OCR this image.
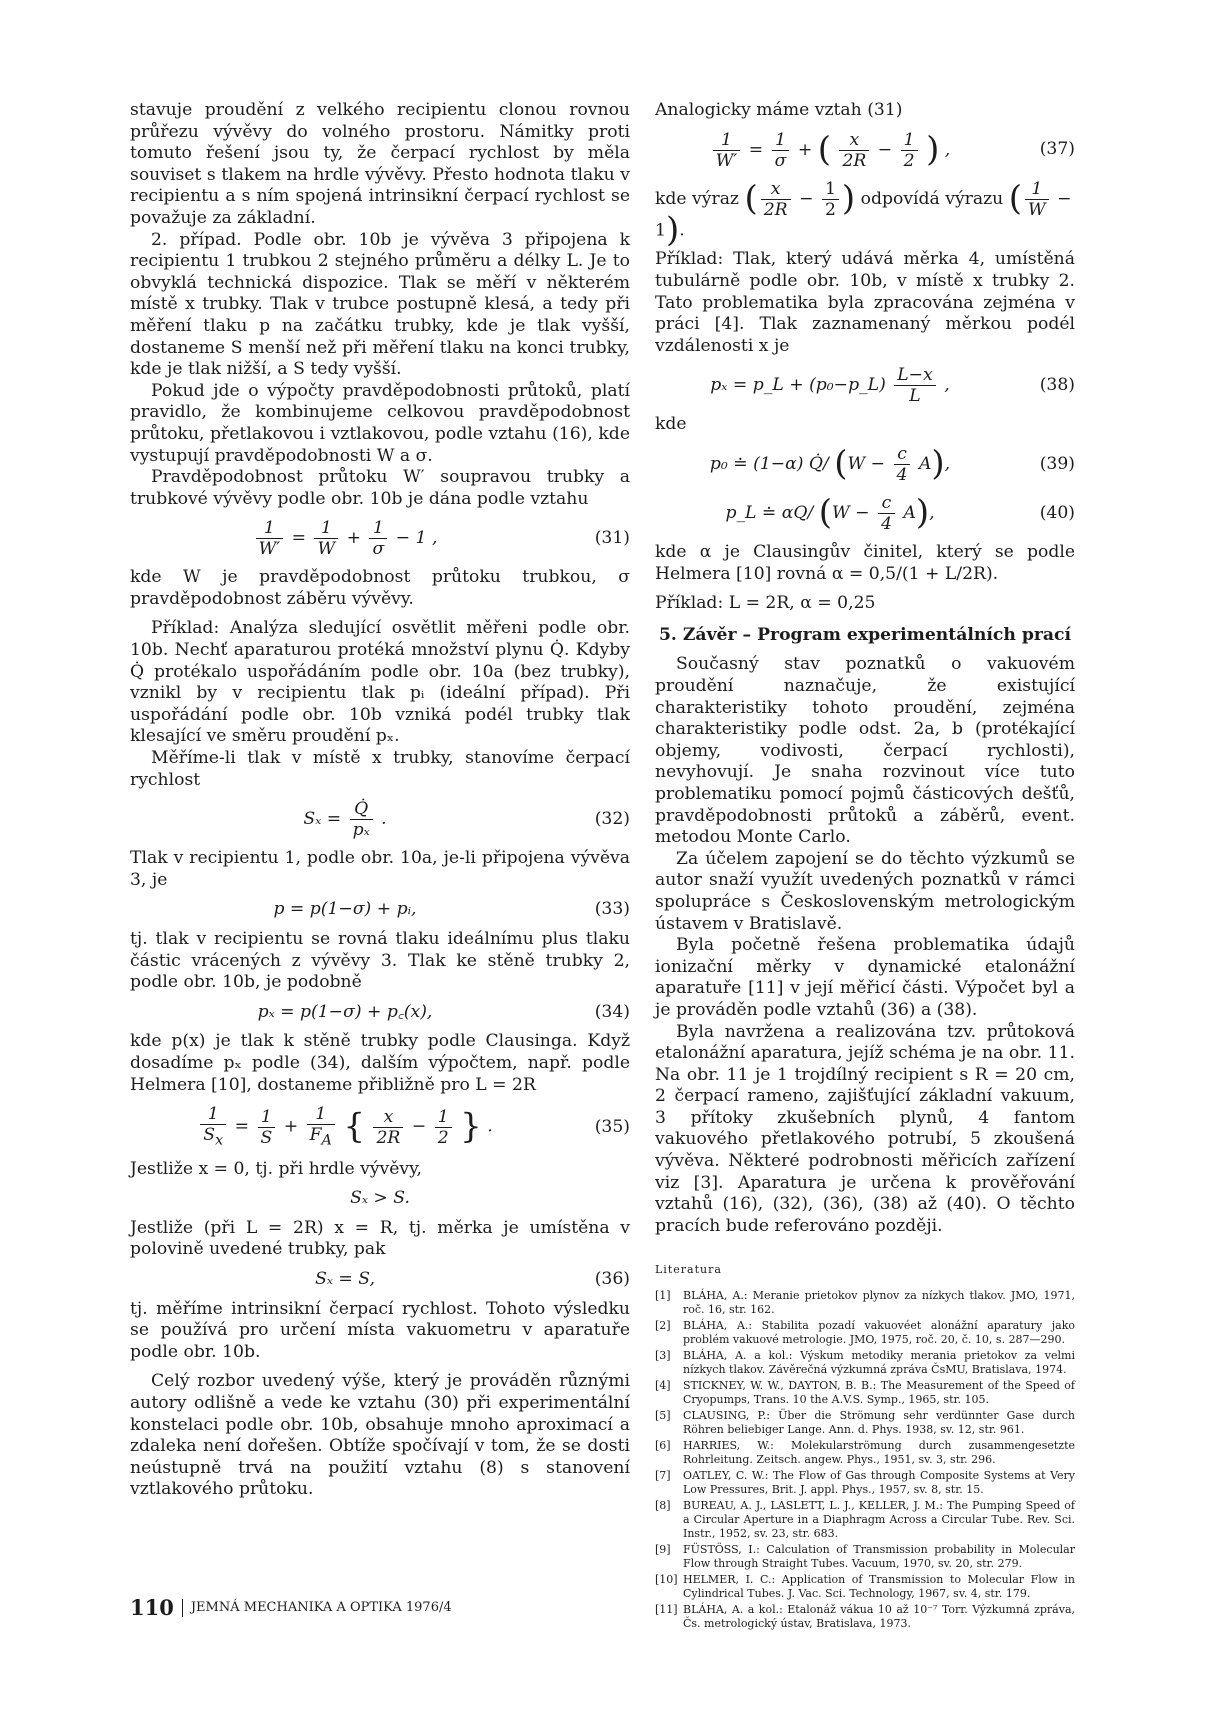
stavuje proudění z velkého recipientu clonou rovnou průřezu vývěvy do volného prostoru. Námitky proti tomuto řešení jsou ty, že čerpací rychlost by měla souviset s tlakem na hrdle vývěvy. Přesto hodnota tlaku v recipientu a s ním spojená intrinsikní čerpací rychlost se považuje za základní.

2. případ. Podle obr. 10b je vývěva 3 připojena k recipientu 1 trubkou 2 stejného průměru a délky L. Je to obvyklá technická dispozice. Tlak se měří v některém místě x trubky. Tlak v trubce postupně klesá, a tedy při měření tlaku p na začátku trubky, kde je tlak vyšší, dostaneme S menší než při měření tlaku na konci trubky, kde je tlak nižší, a S tedy vyšší.

Pokud jde o výpočty pravděpodobnosti průtoků, platí pravidlo, že kombinujeme celkovou pravděpodobnost průtoku, přetlakovou i vztlakovou, podle vztahu (16), kde vystupují pravděpodobnosti W a σ.

Pravděpodobnost průtoku W′ soupravou trubky a trubkové vývěvy podle obr. 10b je dána podle vztahu

$\frac{1}{W'} = \frac{1}{W} + \frac{1}{\sigma} - 1$ ,	(31)

kde W je pravděpodobnost průtoku trubkou, σ pravděpodobnost záběru vývěvy.

Příklad: Analýza sledující osvětlit měřeni podle obr. 10b. Nechť aparaturou protéká množství plynu Q̇. Kdyby Q̇ protékalo uspořádáním podle obr. 10a (bez trubky), vznikl by v recipientu tlak pᵢ (ideální případ). Při uspořádání podle obr. 10b vzniká podél trubky tlak klesající ve směru proudění pₓ.

Měříme-li tlak v místě x trubky, stanovíme čerpací rychlost

$S_x = \frac{Q̇}{\text{pₓ}}$ .	(32)

Tlak v recipientu 1, podle obr. 10a, je-li připojena vývěva 3, je

p = p(1−σ) + pᵢ,	(33)

tj. tlak v recipientu se rovná tlaku ideálnímu plus tlaku částic vrácených z vývěvy 3. Tlak ke stěně trubky 2, podle obr. 10b, je podobně

pₓ = p(1−σ) + p꜀(x),	(34)

kde p(x) je tlak k stěně trubky podle Clausinga. Když dosadíme pₓ podle (34), dalším výpočtem, např. podle Helmera [10], dostaneme přibližně pro L = 2R

$\frac{1}{S_x} = \frac{1}{S} + \frac{1}{F_A}$ { $\frac{x}{2R} - \frac{1}{2}$ } .	(35)

Jestliže x = 0, tj. při hrdle vývěvy,

Sₓ > S.

Jestliže (při L = 2R) x = R, tj. měrka je umístěna v polovině uvedené trubky, pak

Sₓ = S,	(36)

tj. měříme intrinsikní čerpací rychlost. Tohoto výsledku se používá pro určení místa vakuometru v aparatuře podle obr. 10b.

Celý rozbor uvedený výše, který je prováděn různými autory odlišně a vede ke vztahu (30) při experimentální konstelaci podle obr. 10b, obsahuje mnoho aproximací a zdaleka není dořešen. Obtíže spočívají v tom, že se dosti neústupně trvá na použití vztahu (8) s stanovení vztlakového průtoku.

Analogicky máme vztah (31)

$\frac{1}{W'} = \frac{1}{\sigma}$ + ( $\frac{x}{2R} - \frac{1}{2}$ ) ,	(37)
kde výraz ( $\frac{x}{2R} - \frac{1}{2}$ ) odpovídá výrazu ( $\frac{1}{W} - 1$).

Příklad: Tlak, který udává měrka 4, umístěná tubulárně podle obr. 10b, v místě x trubky 2. Tato problematika byla zpracována zejména v práci [4]. Tlak zaznamenaný měrkou podél vzdálenosti x je

pₓ = p_L + (p₀−p_L) $\frac{L-x}{L}$ ,	(38)

kde

p₀ ≐ (1−α) Q̇/ $(W - \frac{c}{4} A)$,	(39)
p_L ≐ αQ/ $(W - \frac{c}{4} A)$,	(40)

kde α je Clausingův činitel, který se podle Helmera [10] rovná α = 0,5/(1 + L/2R).

Příklad: L = 2R, α = 0,25

5. Závěr – Program experimentálních prací

Současný stav poznatků o vakuovém proudění naznačuje, že existující charakteristiky tohoto proudění, zejména charakteristiky podle odst. 2a, b (protékající objemy, vodivosti, čerpací rychlosti), nevyhovují. Je snaha rozvinout více tuto problematiku pomocí pojmů částicových dešťů, pravděpodobnosti průtoků a záběrů, event. metodou Monte Carlo.

Za účelem zapojení se do těchto výzkumů se autor snaží využít uvedených poznatků v rámci spolupráce s Československým metrologickým ústavem v Bratislavě.

Byla početně řešena problematika údajů ionizační měrky v dynamické etalonážní aparatuře [11] v její měřicí části. Výpočet byl a je prováděn podle vztahů (36) a (38).

Byla navržena a realizována tzv. průtoková etalonážní aparatura, jejíž schéma je na obr. 11. Na obr. 11 je 1 trojdílný recipient s R = 20 cm, 2 čerpací rameno, zajišťující základní vakuum, 3 přítoky zkušebních plynů, 4 fantom vakuového přetlakového potrubí, 5 zkoušená vývěva. Některé podrobnosti měřicích zařízení viz [3]. Aparatura je určena k prověřování vztahů (16), (32), (36), (38) až (40). O těchto pracích bude referováno později.

Literatura
[1]	BLÁHA, A.: Meranie prietokov plynov za nízkych tlakov. JMO, 1971, roč. 16, str. 162.
[2]	BLÁHA, A.: Stabilita pozadí vakuovéet alonážní aparatury jako problém vakuové metrologie. JMO, 1975, roč. 20, č. 10, s. 287—290.
[3]	BLÁHA, A. a kol.: Výskum metodiky merania prietokov za velmi nízkych tlakov. Závěrečná výzkumná zpráva ČsMU, Bratislava, 1974.
[4]	STICKNEY, W. W., DAYTON, B. B.: The Measurement of the Speed of Cryopumps, Trans. 10 the A.V.S. Symp., 1965, str. 105.
[5]	CLAUSING, P.: Über die Strömung sehr verdünnter Gase durch Röhren beliebiger Lange. Ann. d. Phys. 1938, sv. 12, str. 961.
[6]	HARRIES, W.: Molekularströmung durch zusammengesetzte Rohrleitung. Zeitsch. angew. Phys., 1951, sv. 3, str. 296.
[7]	OATLEY, C. W.: The Flow of Gas through Composite Systems at Very Low Pressures, Brit. J. appl. Phys., 1957, sv. 8, str. 15.
[8]	BUREAU, A. J., LASLETT, L. J., KELLER, J. M.: The Pumping Speed of a Circular Aperture in a Diaphragm Across a Circular Tube. Rev. Sci. Instr., 1952, sv. 23, str. 683.
[9]	FÜSTÖSS, I.: Calculation of Transmission probability in Molecular Flow through Straight Tubes. Vacuum, 1970, sv. 20, str. 279.
[10] HELMER, I. C.: Application of Transmission to Molecular Flow in Cylindrical Tubes. J. Vac. Sci. Technology, 1967, sv. 4, str. 179.
[11] BLÁHA, A. a kol.: Etalonáž vákua 10 až 10⁻⁷ Torr. Výzkumná zpráva, Čs. metrologický ústav, Bratislava, 1973.
110 JEMNÁ MECHANIKA A OPTIKA 1976/4
